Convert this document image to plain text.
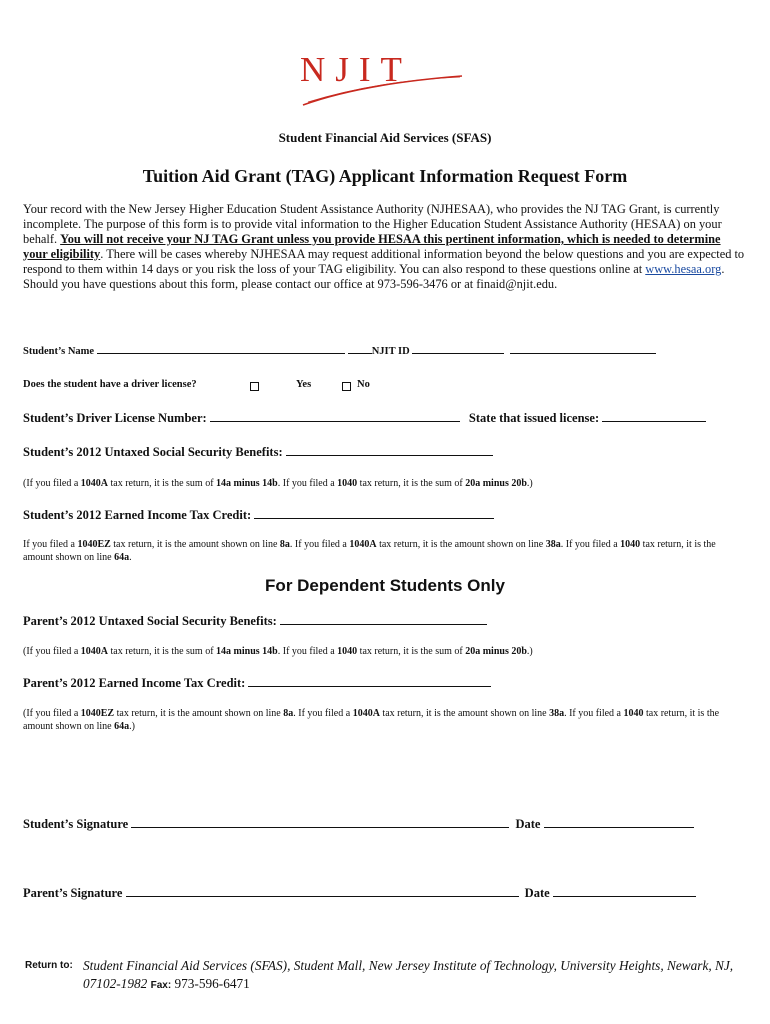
NJIT
Student Financial Aid Services (SFAS)
Tuition Aid Grant (TAG) Applicant Information Request Form
Your record with the New Jersey Higher Education Student Assistance Authority (NJHESAA), who provides the NJ TAG Grant, is currently incomplete. The purpose of this form is to provide vital information to the Higher Education Student Assistance Authority (HESAA) on your behalf. You will not receive your NJ TAG Grant unless you provide HESAA this pertinent information, which is needed to determine your eligibility. There will be cases whereby NJHESAA may request additional information beyond the below questions and you are expected to respond to them within 14 days or you risk the loss of your TAG eligibility. You can also respond to these questions online at www.hesaa.org. Should you have questions about this form, please contact our office at 973-596-3476 or at finaid@njit.edu.
Student’s Name	NJIT ID
Does the student have a driver license?	Yes	No
Student’s Driver License Number:	State that issued license:
Student’s 2012 Untaxed Social Security Benefits:
(If you filed a 1040A tax return, it is the sum of 14a minus 14b. If you filed a 1040 tax return, it is the sum of 20a minus 20b.)
Student’s 2012 Earned Income Tax Credit:
If you filed a 1040EZ tax return, it is the amount shown on line 8a. If you filed a 1040A tax return, it is the amount shown on line 38a. If you filed a 1040 tax return, it is the amount shown on line 64a.
For Dependent Students Only
Parent’s 2012 Untaxed Social Security Benefits:
(If you filed a 1040A tax return, it is the sum of 14a minus 14b. If you filed a 1040 tax return, it is the sum of 20a minus 20b.)
Parent’s 2012 Earned Income Tax Credit:
(If you filed a 1040EZ tax return, it is the amount shown on line 8a. If you filed a 1040A tax return, it is the amount shown on line 38a. If you filed a 1040 tax return, it is the amount shown on line 64a.)
Student’s Signature	Date
Parent’s Signature	Date
Return to: Student Financial Aid Services (SFAS), Student Mall, New Jersey Institute of Technology, University Heights, Newark, NJ, 07102-1982 Fax: 973-596-6471
